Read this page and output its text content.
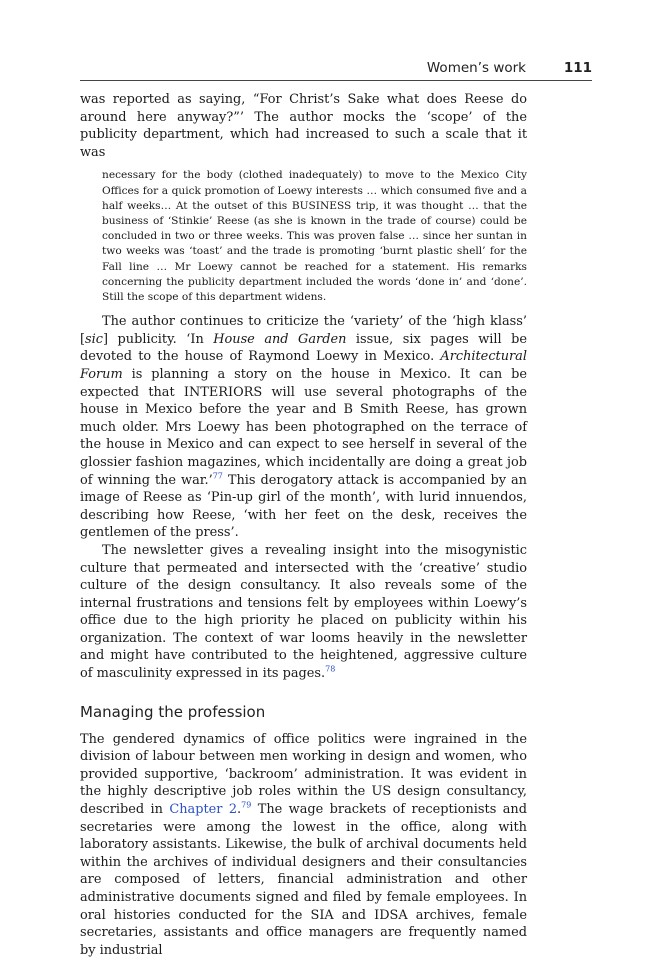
Women’s work	111

was reported as saying, “For Christ’s Sake what does Reese do around here anyway?”’ The author mocks the ‘scope’ of the publicity department, which had increased to such a scale that it was

necessary for the body (clothed inadequately) to move to the Mexico City Offices for a quick promotion of Loewy interests … which consumed five and a half weeks… At the outset of this BUSINESS trip, it was thought … that the business of ‘Stinkie’ Reese (as she is known in the trade of course) could be concluded in two or three weeks. This was proven false … since her suntan in two weeks was ‘toast’ and the trade is promoting ‘burnt plastic shell’ for the Fall line … Mr Loewy cannot be reached for a statement. His remarks concerning the publicity department included the words ‘done in’ and ‘done’. Still the scope of this department widens.

The author continues to criticize the ‘variety’ of the ‘high klass’ [sic] publicity. ‘In House and Garden issue, six pages will be devoted to the house of Raymond Loewy in Mexico. Architectural Forum is planning a story on the house in Mexico. It can be expected that INTERIORS will use several photographs of the house in Mexico before the year and B Smith Reese, has grown much older. Mrs Loewy has been photographed on the terrace of the house in Mexico and can expect to see herself in several of the glossier fashion magazines, which incidentally are doing a great job of winning the war.’$^{77}$ This derogatory attack is accompanied by an image of Reese as ‘Pin-up girl of the month’, with lurid innuendos, describing how Reese, ‘with her feet on the desk, receives the gentlemen of the press’.

The newsletter gives a revealing insight into the misogynistic culture that permeated and intersected with the ‘creative’ studio culture of the design consultancy. It also reveals some of the internal frustrations and tensions felt by employees within Loewy’s office due to the high priority he placed on publicity within his organization. The context of war looms heavily in the newsletter and might have contributed to the heightened, aggressive culture of masculinity expressed in its pages.$^{78}$

Managing the profession

The gendered dynamics of office politics were ingrained in the division of labour between men working in design and women, who provided supportive, ‘backroom’ administration. It was evident in the highly descriptive job roles within the US design consultancy, described in Chapter 2.79 The wage brackets of receptionists and secretaries were among the lowest in the office, along with laboratory assistants. Likewise, the bulk of archival documents held within the archives of individual designers and their consultancies are composed of letters, financial administration and other administrative documents signed and filed by female employees. In oral histories conducted for the SIA and IDSA archives, female secretaries, assistants and office managers are frequently named by industrial
